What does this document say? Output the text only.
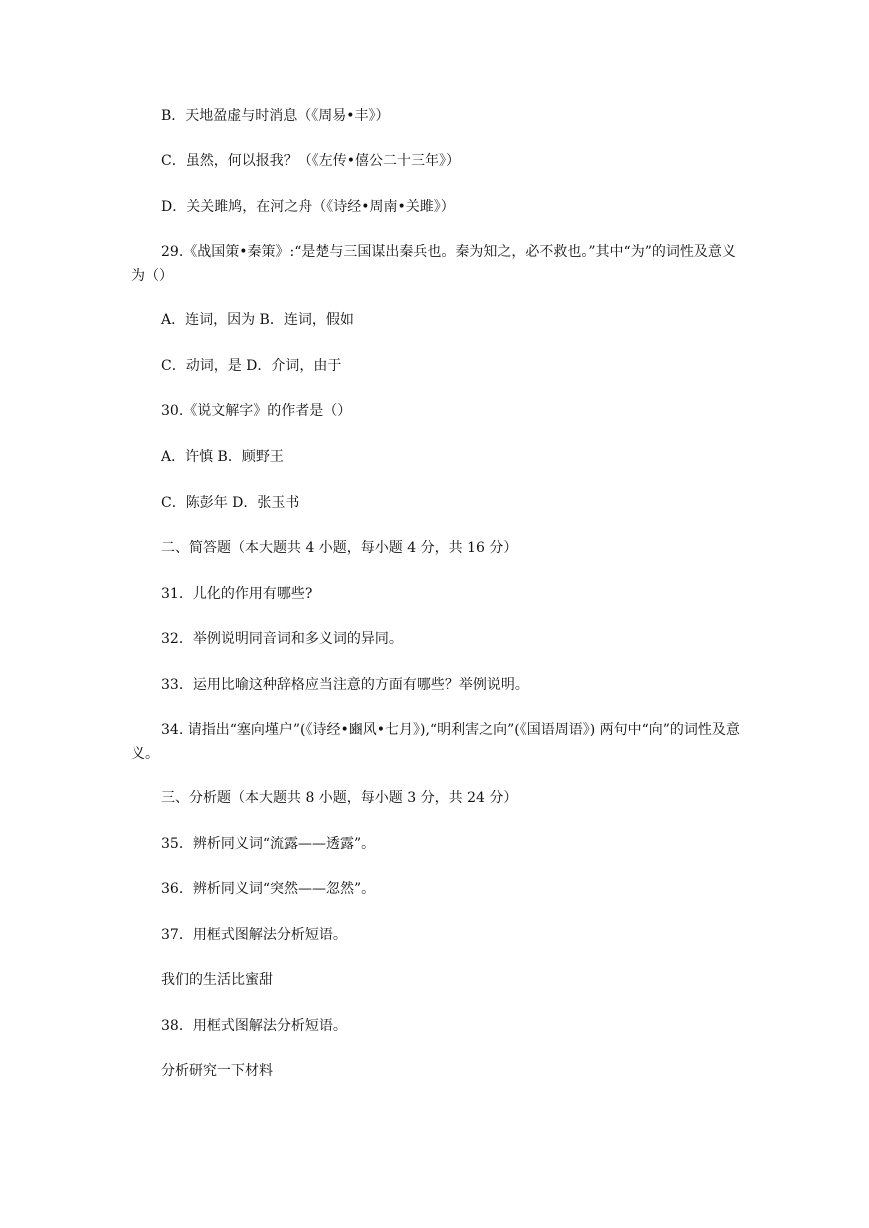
B．天地盈虚与时消息（《周易•丰》）
C．虽然，何以报我？（《左传•僖公二十三年》）
D．关关雎鸠，在河之舟（《诗经•周南•关雎》）
29.《战国策•秦策》:“是楚与三国谋出秦兵也。秦为知之，必不救也。”其中“为”的词性及意义为（）
A．连词，因为 B．连词，假如
C．动词，是 D．介词，由于
30.《说文解字》的作者是（）
A．许慎 B．顾野王
C．陈彭年 D．张玉书
二、简答题（本大题共 4 小题，每小题 4 分，共 16 分）
31．儿化的作用有哪些?
32．举例说明同音词和多义词的异同。
33．运用比喻这种辞格应当注意的方面有哪些？举例说明。
34. 请指出“塞向墐户”(《诗经•豳风•七月》),“明利害之向”(《国语周语》) 两句中“向”的词性及意义。
三、分析题（本大题共 8 小题，每小题 3 分，共 24 分）
35．辨析同义词“流露——透露”。
36．辨析同义词“突然——忽然”。
37．用框式图解法分析短语。
我们的生活比蜜甜
38．用框式图解法分析短语。
分析研究一下材料
